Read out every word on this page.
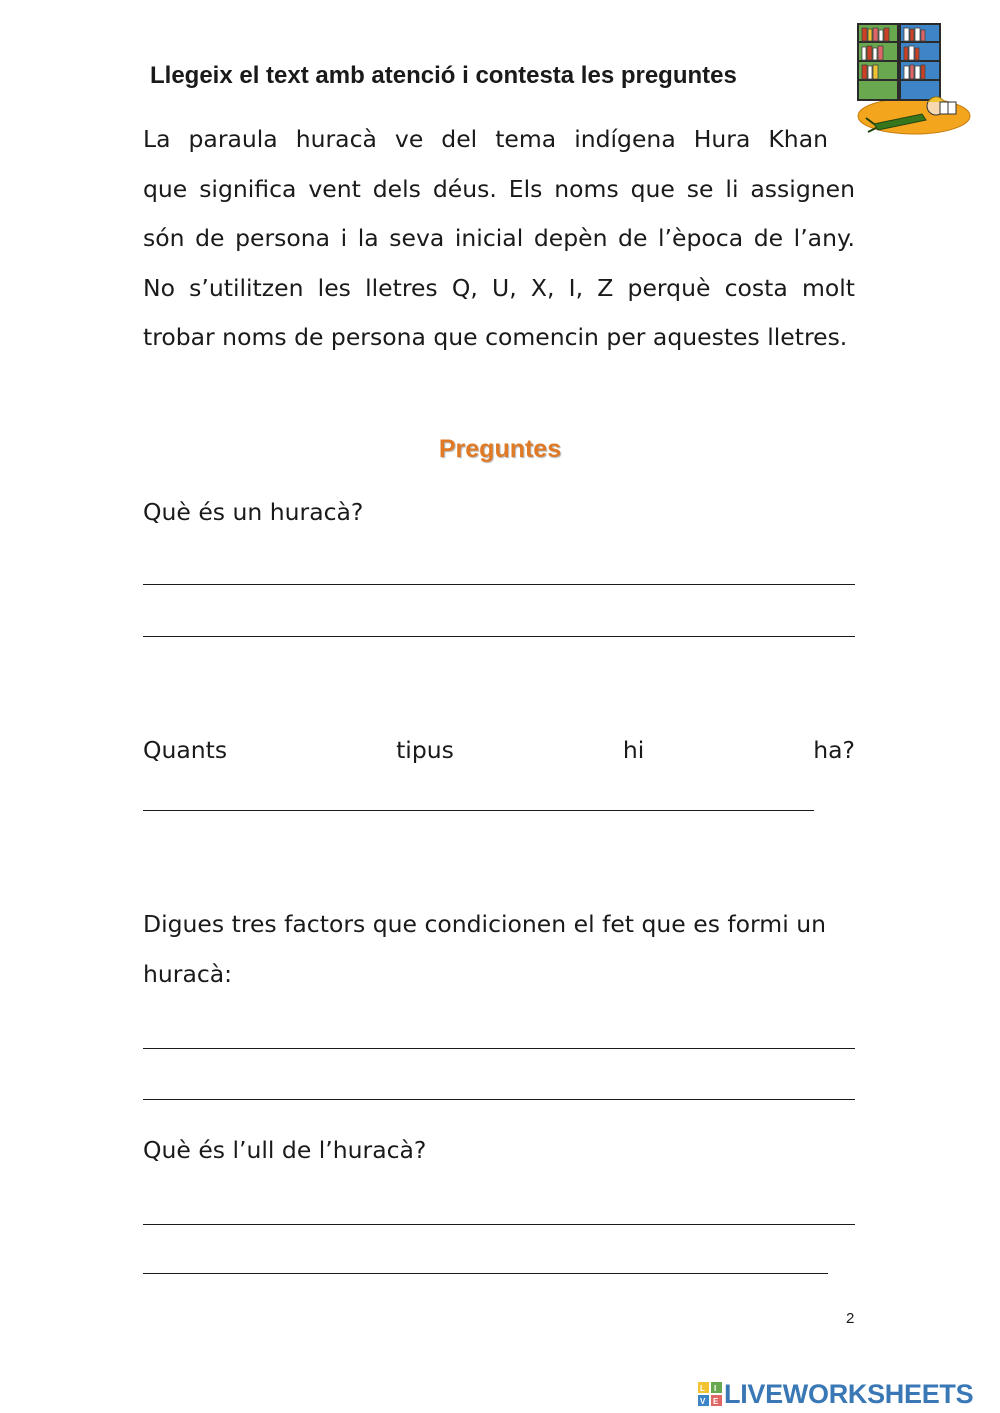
Llegeix el text amb atenció i contesta les preguntes

La paraula huracà ve del tema indígena Hura Khan
que significa vent dels déus. Els noms que se li assignen són de persona i la seva inicial depèn de l’època de l’any. No s’utilitzen les lletres Q, U, X, I, Z perquè costa molt trobar noms de persona que comencin per aquestes lletres.

Preguntes

Què és un huracà?

Quants tipus hi ha?

Digues tres factors que condicionen el fet que es formi un huracà:

Què és l’ull de l’huracà?

2
L I
V E LIVEWORKSHEETS
